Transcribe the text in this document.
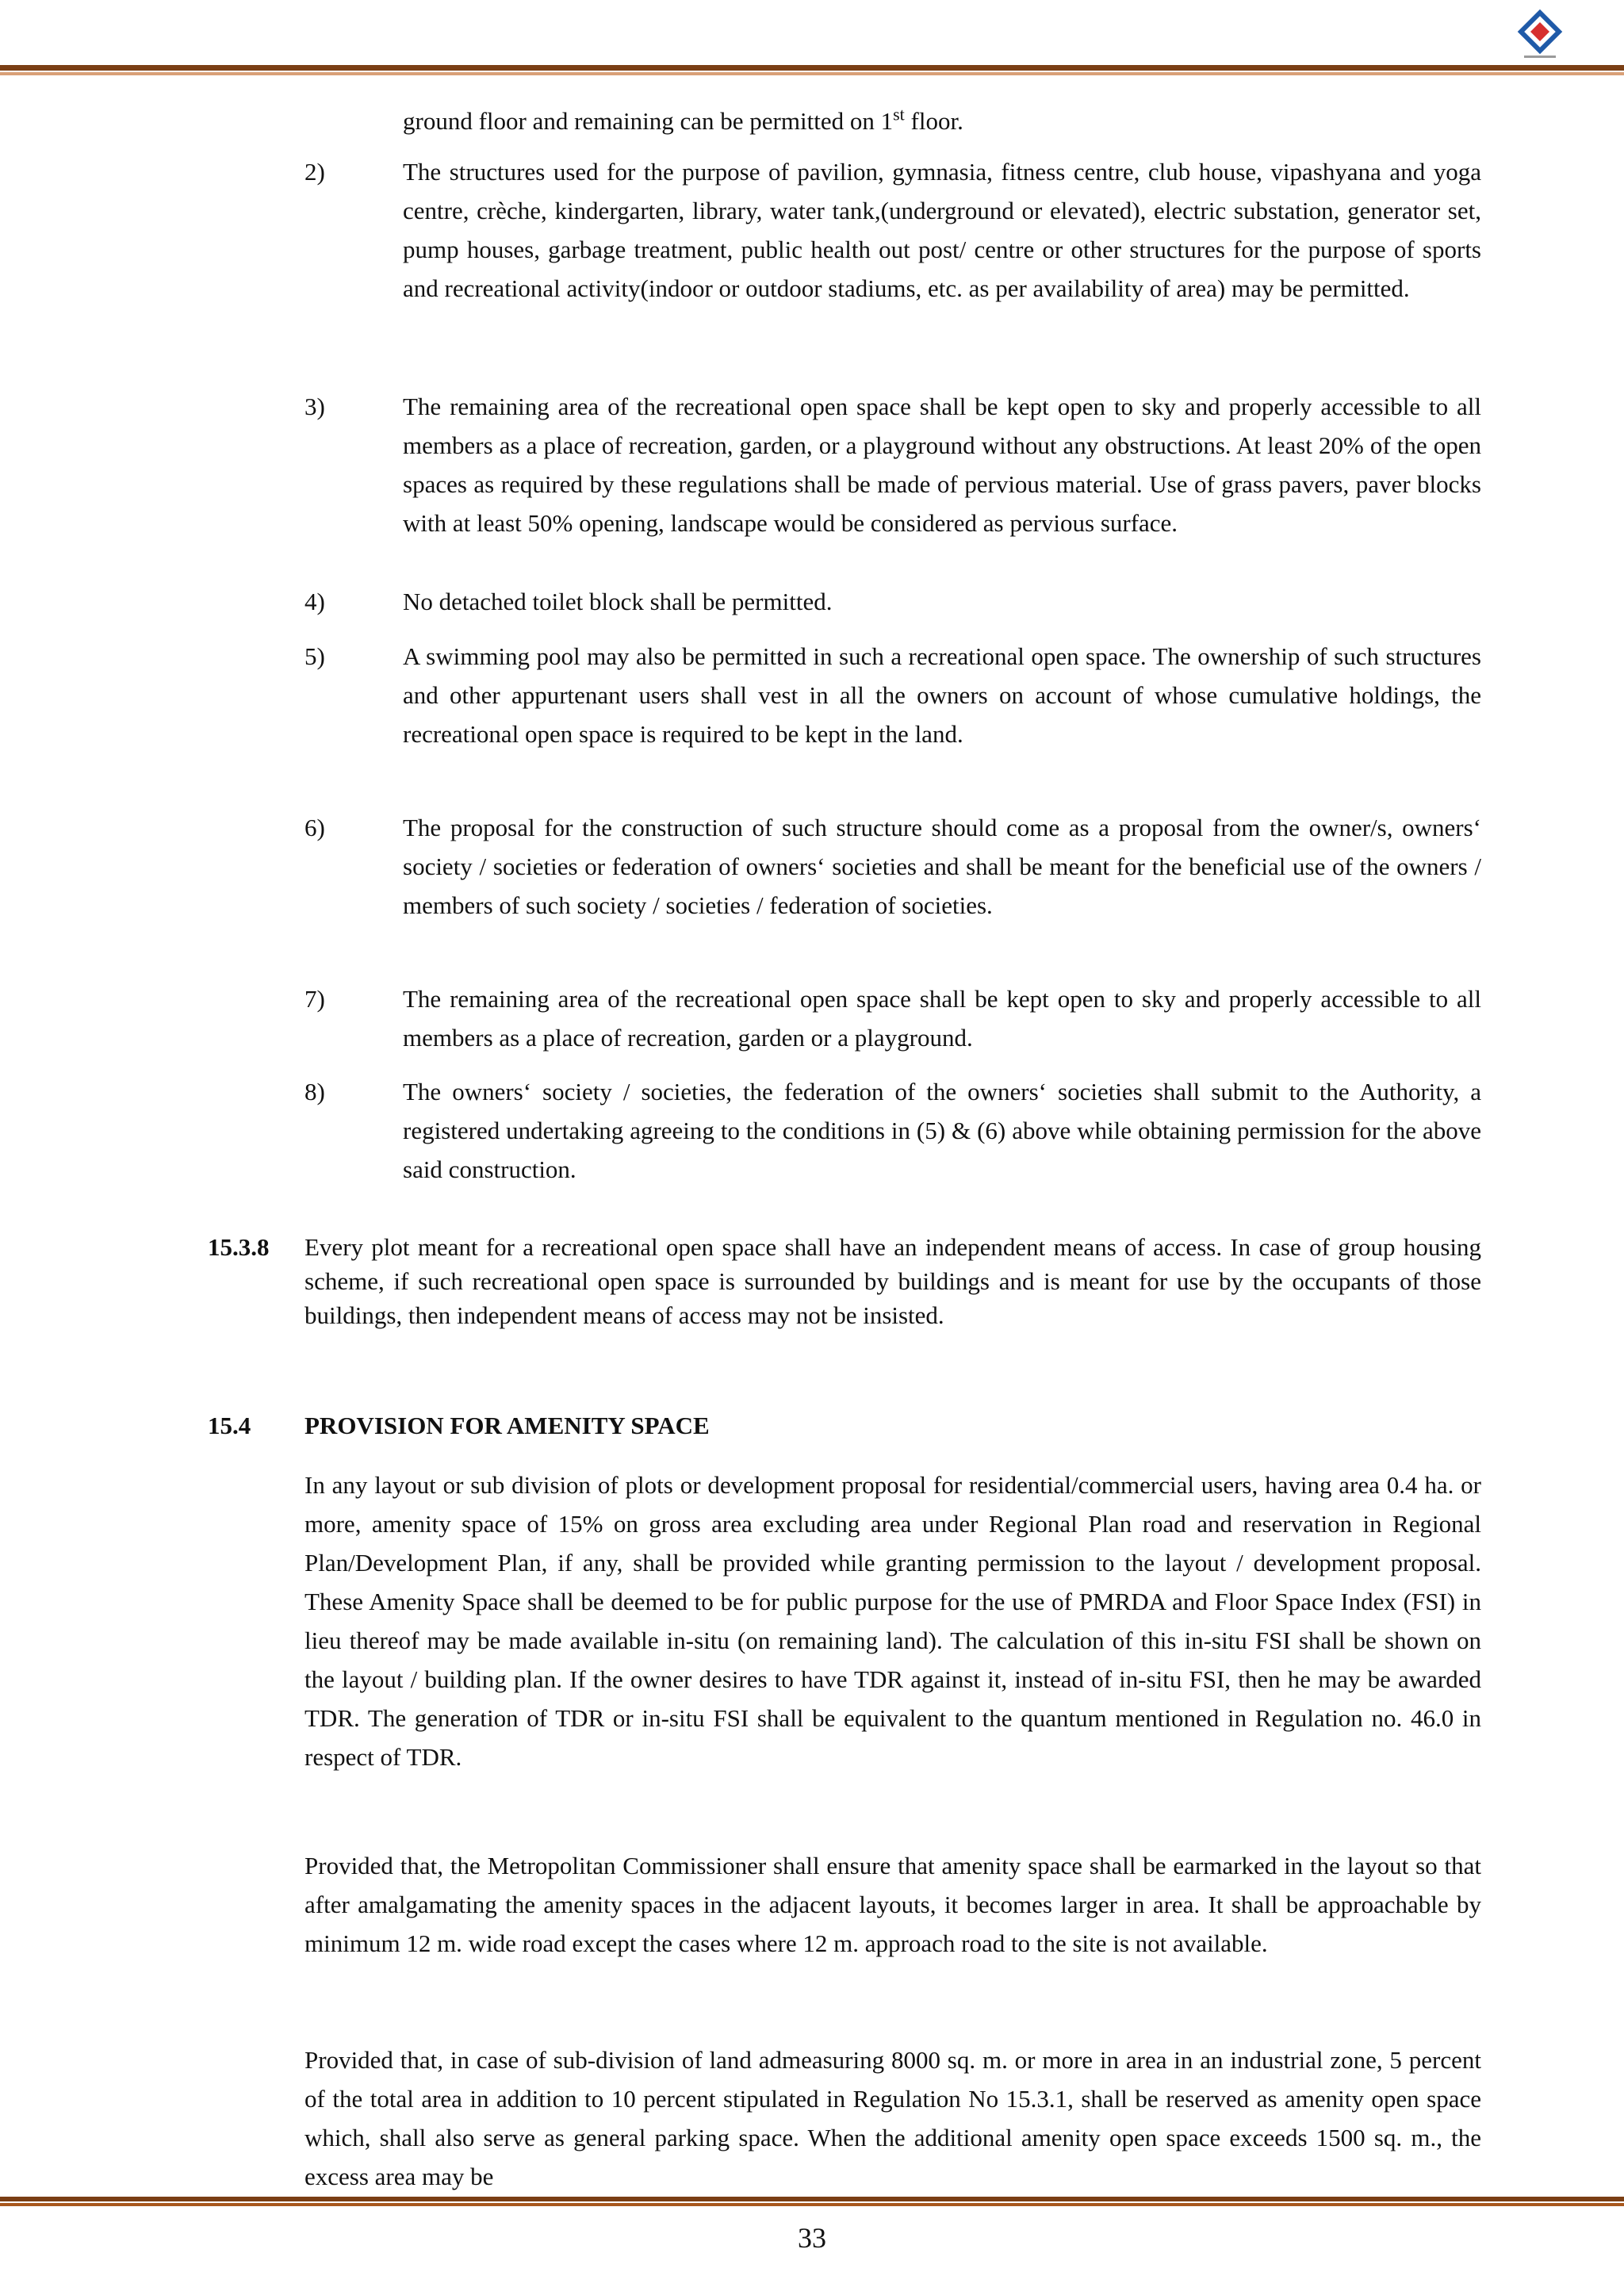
ground floor and remaining can be permitted on 1st floor.

2)	The structures used for the purpose of pavilion, gymnasia, fitness centre, club house, vipashyana and yoga centre, crèche, kindergarten, library, water tank,(underground or elevated), electric substation, generator set, pump houses, garbage treatment, public health out post/ centre or other structures for the purpose of sports and recreational activity(indoor or outdoor stadiums, etc. as per availability of area) may be permitted.

3)	The remaining area of the recreational open space shall be kept open to sky and properly accessible to all members as a place of recreation, garden, or a playground without any obstructions. At least 20% of the open spaces as required by these regulations shall be made of pervious material. Use of grass pavers, paver blocks with at least 50% opening, landscape would be considered as pervious surface.

4)	No detached toilet block shall be permitted.

5)	A swimming pool may also be permitted in such a recreational open space. The ownership of such structures and other appurtenant users shall vest in all the owners on account of whose cumulative holdings, the recreational open space is required to be kept in the land.

6)	The proposal for the construction of such structure should come as a proposal from the owner/s, owners‘ society / societies or federation of owners‘ societies and shall be meant for the beneficial use of the owners / members of such society / societies / federation of societies.

7)	The remaining area of the recreational open space shall be kept open to sky and properly accessible to all members as a place of recreation, garden or a playground.

8)	The owners‘ society / societies, the federation of the owners‘ societies shall submit to the Authority, a registered undertaking agreeing to the conditions in (5) & (6) above while obtaining permission for the above said construction.

15.3.8 Every plot meant for a recreational open space shall have an independent means of access. In case of group housing scheme, if such recreational open space is surrounded by buildings and is meant for use by the occupants of those buildings, then independent means of access may not be insisted.

15.4 PROVISION FOR AMENITY SPACE

In any layout or sub division of plots or development proposal for residential/commercial users, having area 0.4 ha. or more, amenity space of 15% on gross area excluding area under Regional Plan road and reservation in Regional Plan/Development Plan, if any, shall be provided while granting permission to the layout / development proposal. These Amenity Space shall be deemed to be for public purpose for the use of PMRDA and Floor Space Index (FSI) in lieu thereof may be made available in-situ (on remaining land). The calculation of this in-situ FSI shall be shown on the layout / building plan. If the owner desires to have TDR against it, instead of in-situ FSI, then he may be awarded TDR. The generation of TDR or in-situ FSI shall be equivalent to the quantum mentioned in Regulation no. 46.0 in respect of TDR.

Provided that, the Metropolitan Commissioner shall ensure that amenity space shall be earmarked in the layout so that after amalgamating the amenity spaces in the adjacent layouts, it becomes larger in area. It shall be approachable by minimum 12 m. wide road except the cases where 12 m. approach road to the site is not available.

Provided that, in case of sub-division of land admeasuring 8000 sq. m. or more in area in an industrial zone, 5 percent of the total area in addition to 10 percent stipulated in Regulation No 15.3.1, shall be reserved as amenity open space which, shall also serve as general parking space. When the additional amenity open space exceeds 1500 sq. m., the excess area may be

33
